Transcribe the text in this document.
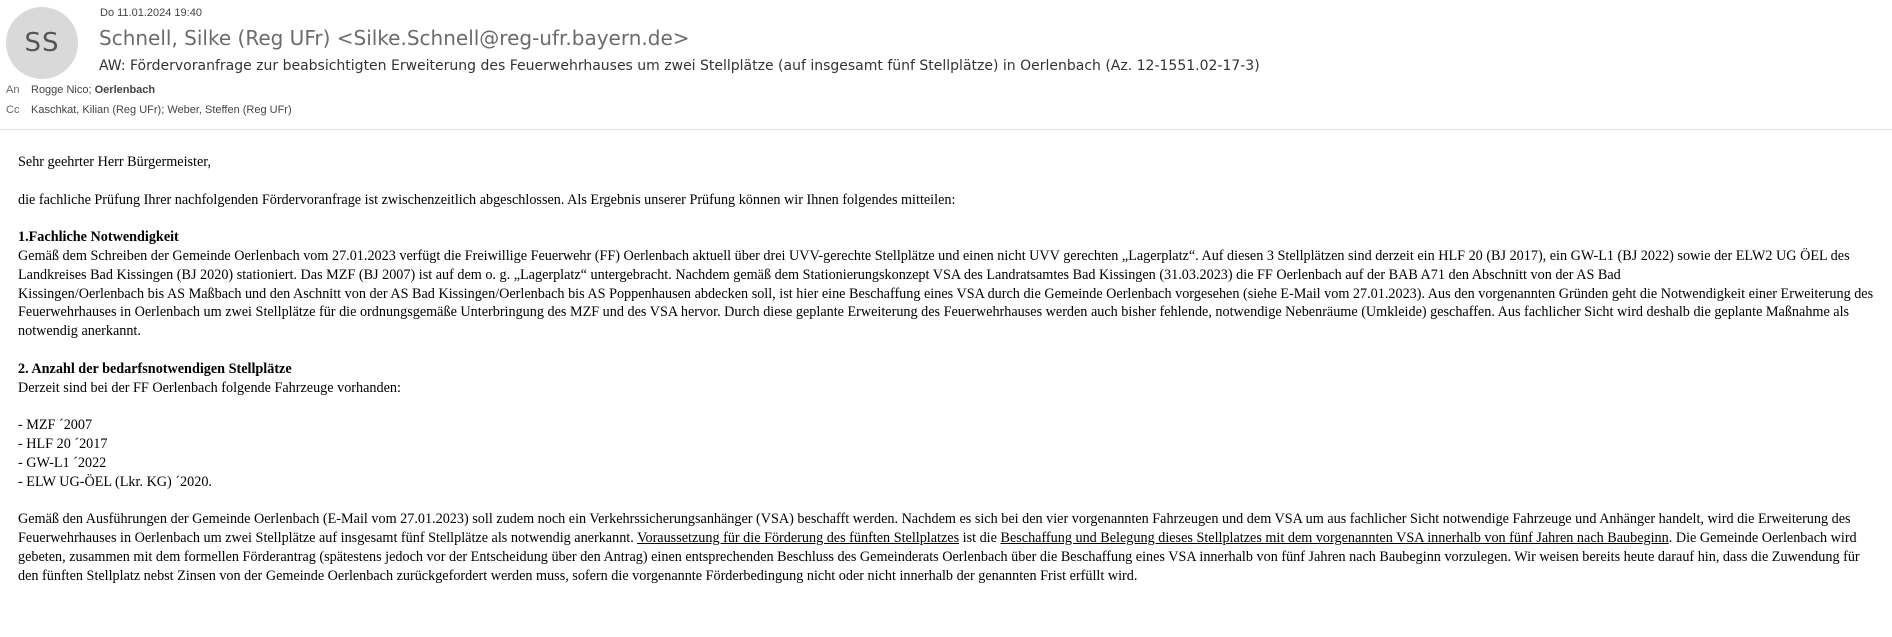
SS
Do 11.01.2024 19:40
Schnell, Silke (Reg UFr) <Silke.Schnell@reg-ufr.bayern.de>
AW: Fördervoranfrage zur beabsichtigten Erweiterung des Feuerwehrhauses um zwei Stellplätze (auf insgesamt fünf Stellplätze) in Oerlenbach (Az. 12-1551.02-17-3)
An Rogge Nico; Oerlenbach
Cc Kaschkat, Kilian (Reg UFr); Weber, Steffen (Reg UFr)

Sehr geehrter Herr Bürgermeister,

die fachliche Prüfung Ihrer nachfolgenden Fördervoranfrage ist zwischenzeitlich abgeschlossen. Als Ergebnis unserer Prüfung können wir Ihnen folgendes mitteilen:

1.Fachliche Notwendigkeit

Gemäß dem Schreiben der Gemeinde Oerlenbach vom 27.01.2023 verfügt die Freiwillige Feuerwehr (FF) Oerlenbach aktuell über drei UVV-gerechte Stellplätze und einen nicht UVV gerechten „Lagerplatz“. Auf diesen 3 Stellplätzen sind derzeit ein HLF 20 (BJ 2017), ein GW-L1 (BJ 2022) sowie der ELW2 UG ÖEL des Landkreises Bad Kissingen (BJ 2020) stationiert. Das MZF (BJ 2007) ist auf dem o. g. „Lagerplatz“ untergebracht. Nachdem gemäß dem Stationierungskonzept VSA des Landratsamtes Bad Kissingen (31.03.2023) die FF Oerlenbach auf der BAB A71 den Abschnitt von der AS Bad

Kissingen/Oerlenbach bis AS Maßbach und den Aschnitt von der AS Bad Kissingen/Oerlenbach bis AS Poppenhausen abdecken soll, ist hier eine Beschaffung eines VSA durch die Gemeinde Oerlenbach vorgesehen (siehe E-Mail vom 27.01.2023). Aus den vorgenannten Gründen geht die Notwendigkeit einer Erweiterung des Feuerwehrhauses in Oerlenbach um zwei Stellplätze für die ordnungsgemäße Unterbringung des MZF und des VSA hervor. Durch diese geplante Erweiterung des Feuerwehrhauses werden auch bisher fehlende, notwendige Nebenräume (Umkleide) geschaffen. Aus fachlicher Sicht wird deshalb die geplante Maßnahme als notwendig anerkannt.

2. Anzahl der bedarfsnotwendigen Stellplätze

Derzeit sind bei der FF Oerlenbach folgende Fahrzeuge vorhanden:

- MZF ´2007

- HLF 20 ´2017

- GW-L1 ´2022

- ELW UG-ÖEL (Lkr. KG) ´2020.

Gemäß den Ausführungen der Gemeinde Oerlenbach (E-Mail vom 27.01.2023) soll zudem noch ein Verkehrssicherungsanhänger (VSA) beschafft werden. Nachdem es sich bei den vier vorgenannten Fahrzeugen und dem VSA um aus fachlicher Sicht notwendige Fahrzeuge und Anhänger handelt, wird die Erweiterung des Feuerwehrhauses in Oerlenbach um zwei Stellplätze auf insgesamt fünf Stellplätze als notwendig anerkannt. Voraussetzung für die Förderung des fünften Stellplatzes ist die Beschaffung und Belegung dieses Stellplatzes mit dem vorgenannten VSA innerhalb von fünf Jahren nach Baubeginn. Die Gemeinde Oerlenbach wird gebeten, zusammen mit dem formellen Förderantrag (spätestens jedoch vor der Entscheidung über den Antrag) einen entsprechenden Beschluss des Gemeinderats Oerlenbach über die Beschaffung eines VSA innerhalb von fünf Jahren nach Baubeginn vorzulegen. Wir weisen bereits heute darauf hin, dass die Zuwendung für den fünften Stellplatz nebst Zinsen von der Gemeinde Oerlenbach zurückgefordert werden muss, sofern die vorgenannte Förderbedingung nicht oder nicht innerhalb der genannten Frist erfüllt wird.
